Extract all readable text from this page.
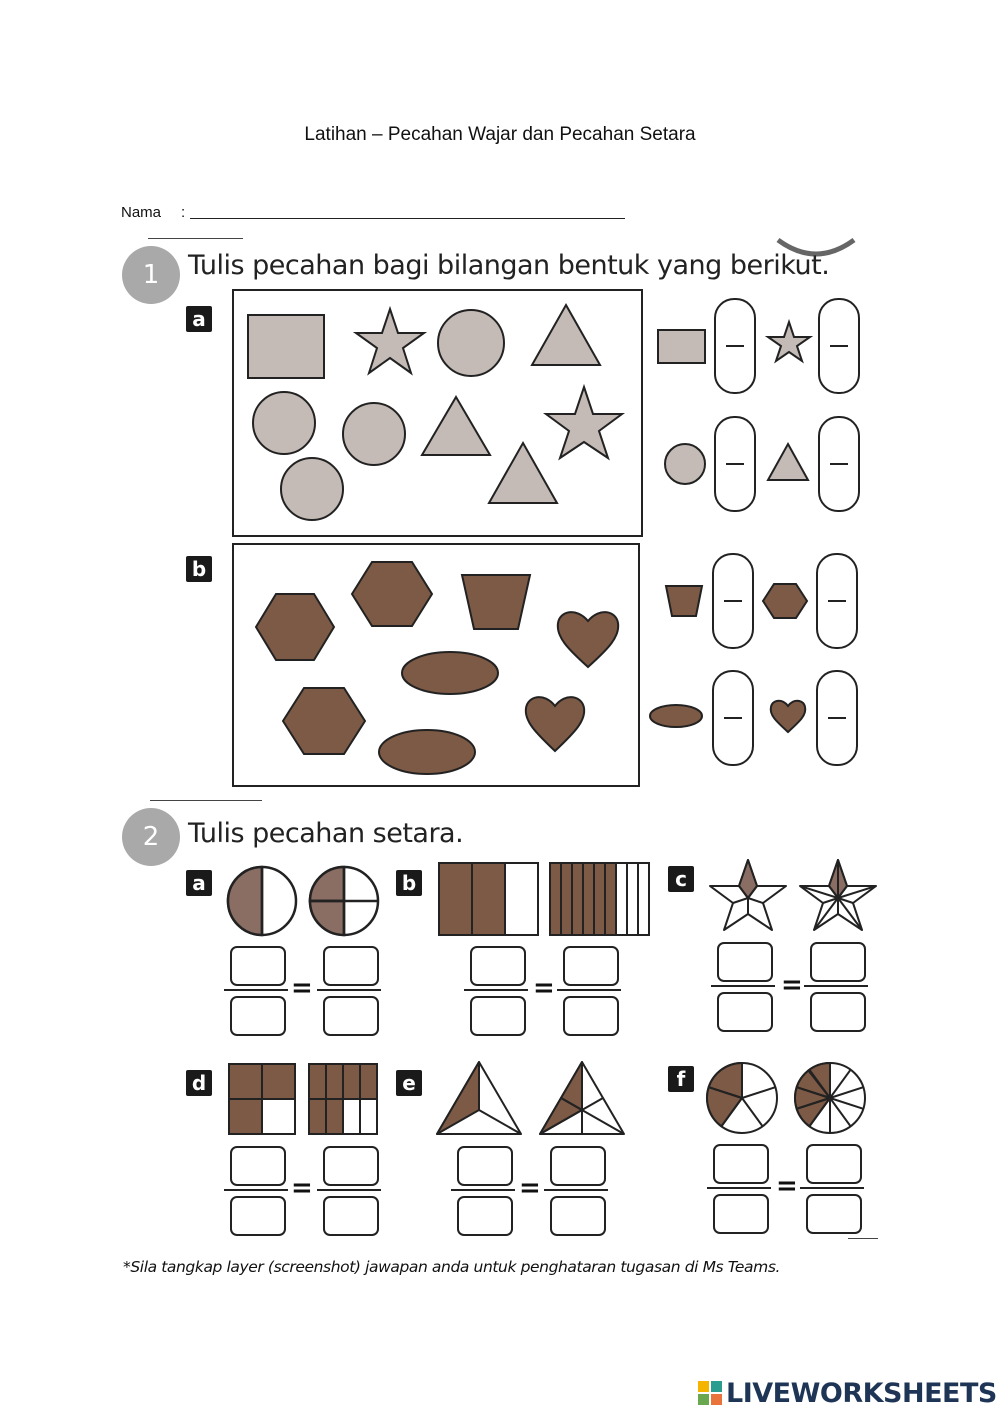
Latihan – Pecahan Wajar dan Pecahan Setara
Nama :
1	Tulis pecahan bagi bilangan bentuk yang berikut.
a
b
2	Tulis pecahan setara.
a	b	c
=	=	=
d	e	f
=	=	=
*Sila tangkap layer (screenshot) jawapan anda untuk penghataran tugasan di Ms Teams.
LIVEWORKSHEETS
